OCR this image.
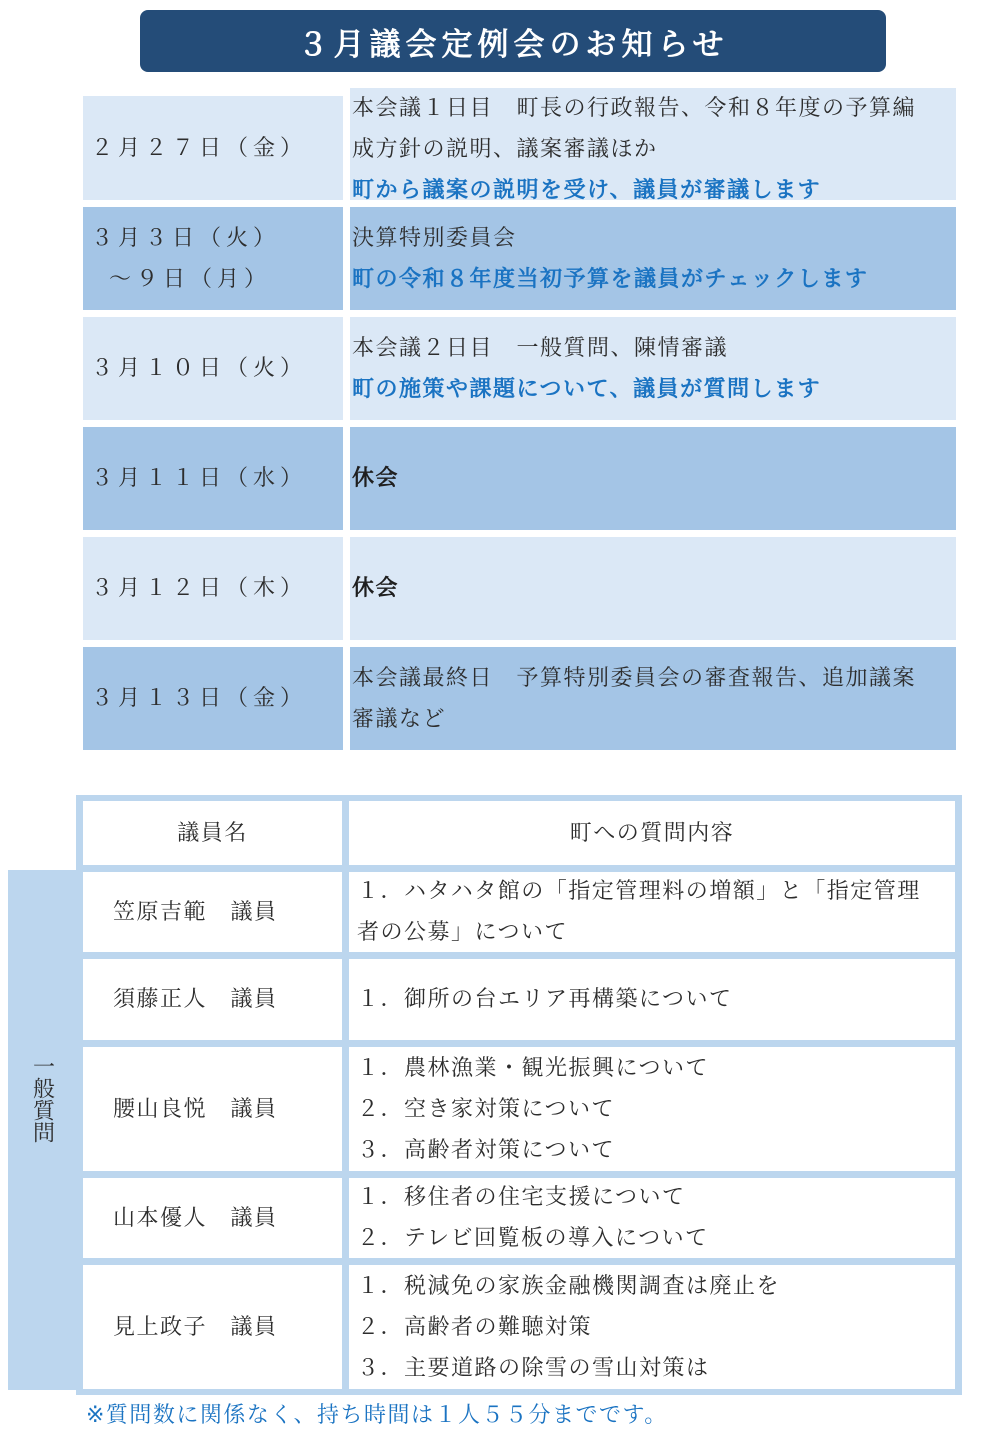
３月議会定例会のお知らせ
２月２７日（金）
本会議１日目　町長の行政報告、令和８年度の予算編
成方針の説明、議案審議ほか
町から議案の説明を受け、議員が審議します
３月３日（火）
～９日（月）
決算特別委員会
町の令和８年度当初予算を議員がチェックします
３月１０日（火）
本会議２日目　一般質問、陳情審議
町の施策や課題について、議員が質問します
３月１１日（水） 休会
３月１２日（木） 休会
３月１３日（金）
本会議最終日　予算特別委員会の審査報告、追加議案
審議など
一般質問
議員名	町への質問内容
笠原吉範　議員
１．ハタハタ館の「指定管理料の増額」と「指定管理
者の公募」について
須藤正人　議員	１．御所の台エリア再構築について
腰山良悦　議員
１．農林漁業・観光振興について
２．空き家対策について
３．高齢者対策について
山本優人　議員
１．移住者の住宅支援について
２．テレビ回覧板の導入について
見上政子　議員
１．税減免の家族金融機関調査は廃止を
２．高齢者の難聴対策
３．主要道路の除雪の雪山対策は
※質問数に関係なく、持ち時間は１人５５分までです。
